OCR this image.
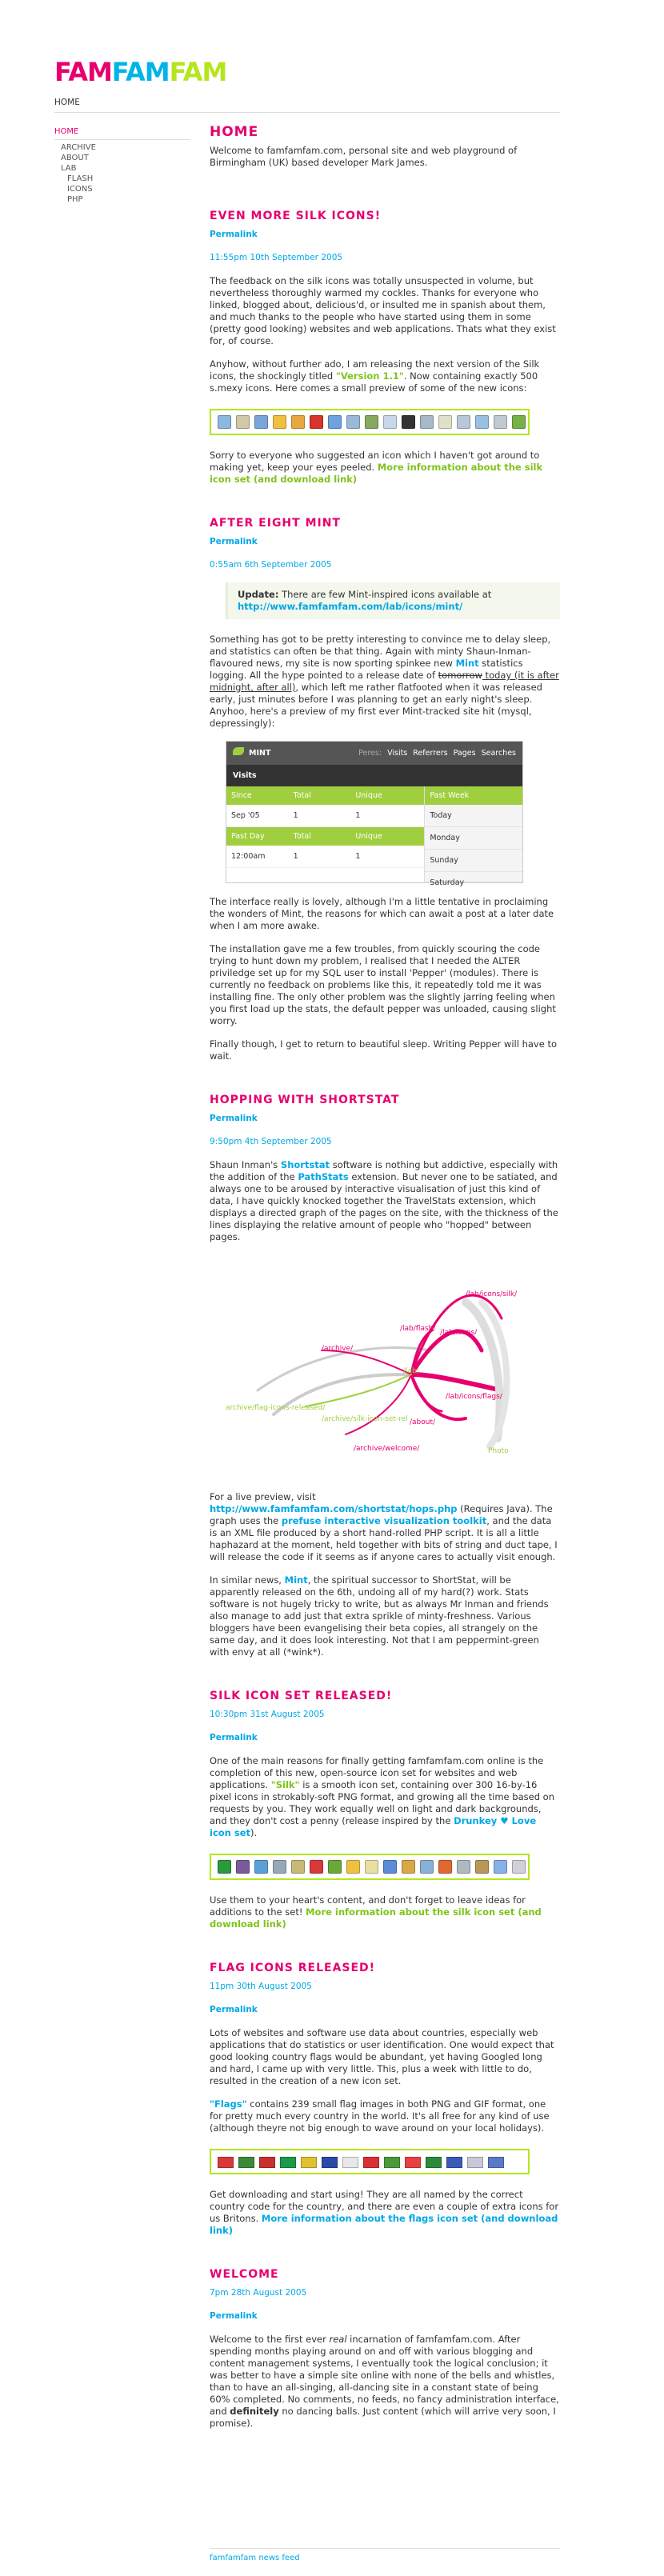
FAMFAMFAM
HOME
HOME
ARCHIVE
ABOUT
LAB
FLASH
ICONS
PHP
HOME

Welcome to famfamfam.com, personal site and web playground of Birmingham (UK) based developer Mark James.

EVEN MORE SILK ICONS!
Permalink
11:55pm 10th September 2005

The feedback on the silk icons was totally unsuspected in volume, but nevertheless thoroughly warmed my cockles. Thanks for everyone who linked, blogged about, delicious'd, or insulted me in spanish about them, and much thanks to the people who have started using them in some (pretty good looking) websites and web applications. Thats what they exist for, of course.

Anyhow, without further ado, I am releasing the next version of the Silk icons, the shockingly titled "Version 1.1". Now containing exactly 500 s.mexy icons. Here comes a small preview of some of the new icons:

Sorry to everyone who suggested an icon which I haven't got around to making yet, keep your eyes peeled. More information about the silk icon set (and download link)

AFTER EIGHT MINT
Permalink
0:55am 6th September 2005
Update: There are few Mint-inspired icons available at http://www.famfamfam.com/lab/icons/mint/

Something has got to be pretty interesting to convince me to delay sleep, and statistics can often be that thing. Again with minty Shaun-Inman-flavoured news, my site is now sporting spinkee new Mint statistics logging. All the hype pointed to a release date of tomorrow today (it is after midnight, after all), which left me rather flatfooted when it was released early, just minutes before I was planning to get an early night's sleep. Anyhoo, here's a preview of my first ever Mint-tracked site hit (mysql, depressingly):

MINT	Peres: Visits Referrers Pages Searches
Visits
Since	Total	Unique
Sep '05	1	1
Past Day	Total	Unique
12:00am	1	1
Past Week
Today
Monday
Sunday
Saturday

The interface really is lovely, although I'm a little tentative in proclaiming the wonders of Mint, the reasons for which can await a post at a later date when I am more awake.

The installation gave me a few troubles, from quickly scouring the code trying to hunt down my problem, I realised that I needed the ALTER priviledge set up for my SQL user to install 'Pepper' (modules). There is currently no feedback on problems like this, it repeatedly told me it was installing fine. The only other problem was the slightly jarring feeling when you first load up the stats, the default pepper was unloaded, causing slight worry.

Finally though, I get to return to beautiful sleep. Writing Pepper will have to wait.

HOPPING WITH SHORTSTAT
Permalink
9:50pm 4th September 2005

Shaun Inman's Shortstat software is nothing but addictive, especially with the addition of the PathStats extension. But never one to be satiated, and always one to be aroused by interactive visualisation of just this kind of data, I have quickly knocked together the TravelStats extension, which displays a directed graph of the pages on the site, with the thickness of the lines displaying the relative amount of people who "hopped" between pages.

/lab/icons/silk/
/lab/flash/ /lab/icons/
/archive/
/lab/icons/flags/
/lab/
archive/flag-icons-released/
/archive/silk-icon-set-rel /about/
/archive/welcome/	Photo

For a live preview, visit http://www.famfamfam.com/shortstat/hops.php (Requires Java). The graph uses the prefuse interactive visualization toolkit, and the data is an XML file produced by a short hand-rolled PHP script. It is all a little haphazard at the moment, held together with bits of string and duct tape, I will release the code if it seems as if anyone cares to actually visit enough.

In similar news, Mint, the spiritual successor to ShortStat, will be apparently released on the 6th, undoing all of my hard(?) work. Stats software is not hugely tricky to write, but as always Mr Inman and friends also manage to add just that extra sprikle of minty-freshness. Various bloggers have been evangelising their beta copies, all strangely on the same day, and it does look interesting. Not that I am peppermint-green with envy at all (*wink*).

SILK ICON SET RELEASED!
10:30pm 31st August 2005
Permalink

One of the main reasons for finally getting famfamfam.com online is the completion of this new, open-source icon set for websites and web applications. "Silk" is a smooth icon set, containing over 300 16-by-16 pixel icons in strokably-soft PNG format, and growing all the time based on requests by you. They work equally well on light and dark backgrounds, and they don't cost a penny (release inspired by the Drunkey ♥ Love icon set).

Use them to your heart's content, and don't forget to leave ideas for additions to the set! More information about the silk icon set (and download link)

FLAG ICONS RELEASED!
11pm 30th August 2005
Permalink

Lots of websites and software use data about countries, especially web applications that do statistics or user identification. One would expect that good looking country flags would be abundant, yet having Googled long and hard, I came up with very little. This, plus a week with little to do, resulted in the creation of a new icon set.

"Flags" contains 239 small flag images in both PNG and GIF format, one for pretty much every country in the world. It's all free for any kind of use (although theyre not big enough to wave around on your local holidays).

Get downloading and start using! They are all named by the correct country code for the country, and there are even a couple of extra icons for us Britons. More information about the flags icon set (and download link)

WELCOME
7pm 28th August 2005
Permalink

Welcome to the first ever real incarnation of famfamfam.com. After spending months playing around on and off with various blogging and content management systems, I eventually took the logical conclusion; it was better to have a simple site online with none of the bells and whistles, than to have an all-singing, all-dancing site in a constant state of being 60% completed. No comments, no feeds, no fancy administration interface, and definitely no dancing balls. Just content (which will arrive very soon, I promise).

famfamfam news feed
